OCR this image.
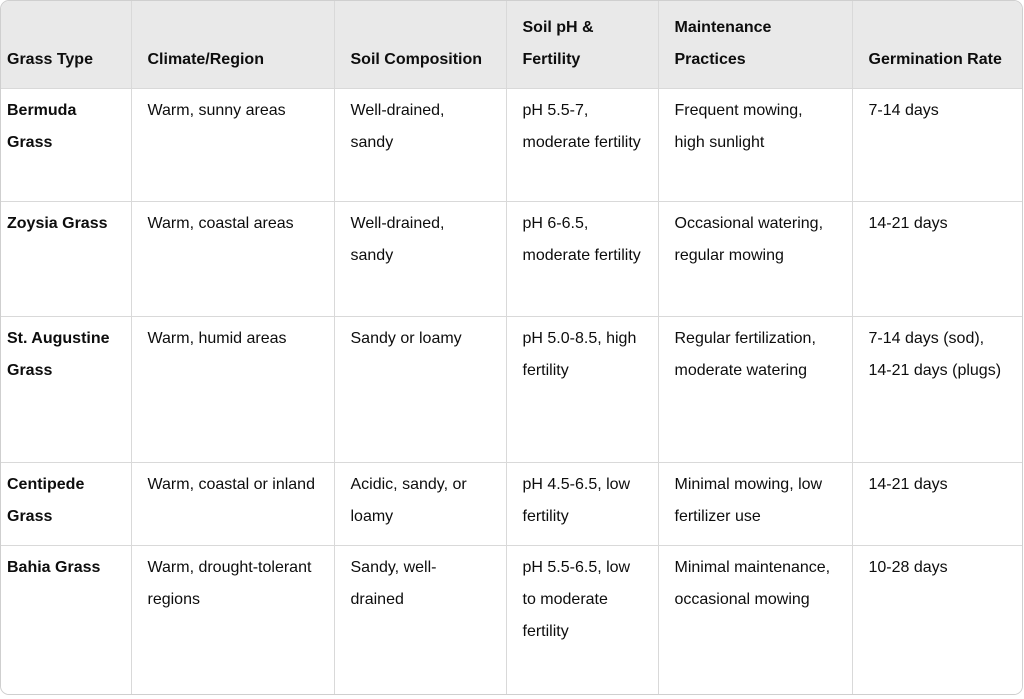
Grass Type	Climate/Region	Soil Composition	Soil pH & Fertility	Maintenance Practices	Germination Rate
Bermuda Grass	Warm, sunny areas	Well-drained, sandy	pH 5.5-7, moderate fertility	Frequent mowing, high sunlight	7-14 days
Zoysia Grass	Warm, coastal areas	Well-drained, sandy	pH 6-6.5, moderate fertility	Occasional watering, regular mowing	14-21 days
St. Augustine Grass	Warm, humid areas	Sandy or loamy	pH 5.0-8.5, high fertility	Regular fertilization, moderate watering	7-14 days (sod), 14-21 days (plugs)
Centipede Grass	Warm, coastal or inland	Acidic, sandy, or loamy	pH 4.5-6.5, low fertility	Minimal mowing, low fertilizer use	14-21 days
Bahia Grass	Warm, drought-tolerant regions	Sandy, well-drained	pH 5.5-6.5, low to moderate fertility	Minimal maintenance, occasional mowing	10-28 days
